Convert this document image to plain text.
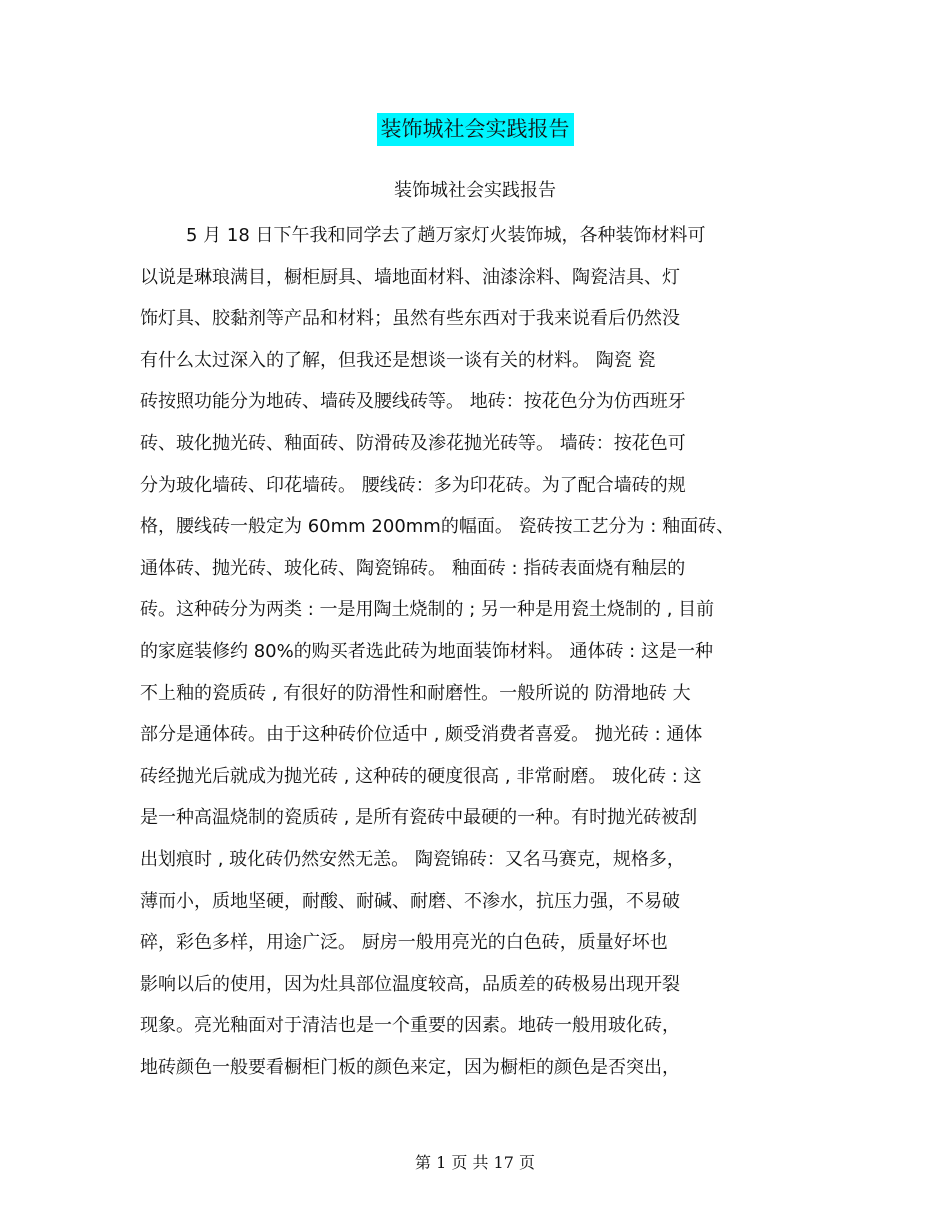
装饰城社会实践报告
装饰城社会实践报告
5 月 18 日下午我和同学去了趟万家灯火装饰城，各种装饰材料可
以说是琳琅满目，橱柜厨具、墙地面材料、油漆涂料、陶瓷洁具、灯
饰灯具、胶黏剂等产品和材料；虽然有些东西对于我来说看后仍然没
有什么太过深入的了解，但我还是想谈一谈有关的材料。 陶瓷 瓷
砖按照功能分为地砖、墙砖及腰线砖等。 地砖：按花色分为仿西班牙
砖、玻化抛光砖、釉面砖、防滑砖及渗花抛光砖等。 墙砖：按花色可
分为玻化墙砖、印花墙砖。 腰线砖：多为印花砖。为了配合墙砖的规
格，腰线砖一般定为 60mm 200mm的幅面。 瓷砖按工艺分为 : 釉面砖、
通体砖、抛光砖、玻化砖、陶瓷锦砖。 釉面砖 : 指砖表面烧有釉层的
砖。这种砖分为两类 : 一是用陶土烧制的 ; 另一种是用瓷土烧制的 , 目前
的家庭装修约 80%的购买者选此砖为地面装饰材料。 通体砖 : 这是一种
不上釉的瓷质砖 , 有很好的防滑性和耐磨性。一般所说的 防滑地砖 大
部分是通体砖。由于这种砖价位适中 , 颇受消费者喜爱。 抛光砖 : 通体
砖经抛光后就成为抛光砖 , 这种砖的硬度很高 , 非常耐磨。 玻化砖 : 这
是一种高温烧制的瓷质砖 , 是所有瓷砖中最硬的一种。有时抛光砖被刮
出划痕时 , 玻化砖仍然安然无恙。 陶瓷锦砖：又名马赛克，规格多，
薄而小，质地坚硬，耐酸、耐碱、耐磨、不渗水，抗压力强，不易破
碎，彩色多样，用途广泛。 厨房一般用亮光的白色砖，质量好坏也
影响以后的使用，因为灶具部位温度较高，品质差的砖极易出现开裂
现象。亮光釉面对于清洁也是一个重要的因素。地砖一般用玻化砖，
地砖颜色一般要看橱柜门板的颜色来定，因为橱柜的颜色是否突出，
第 1 页 共 17 页
